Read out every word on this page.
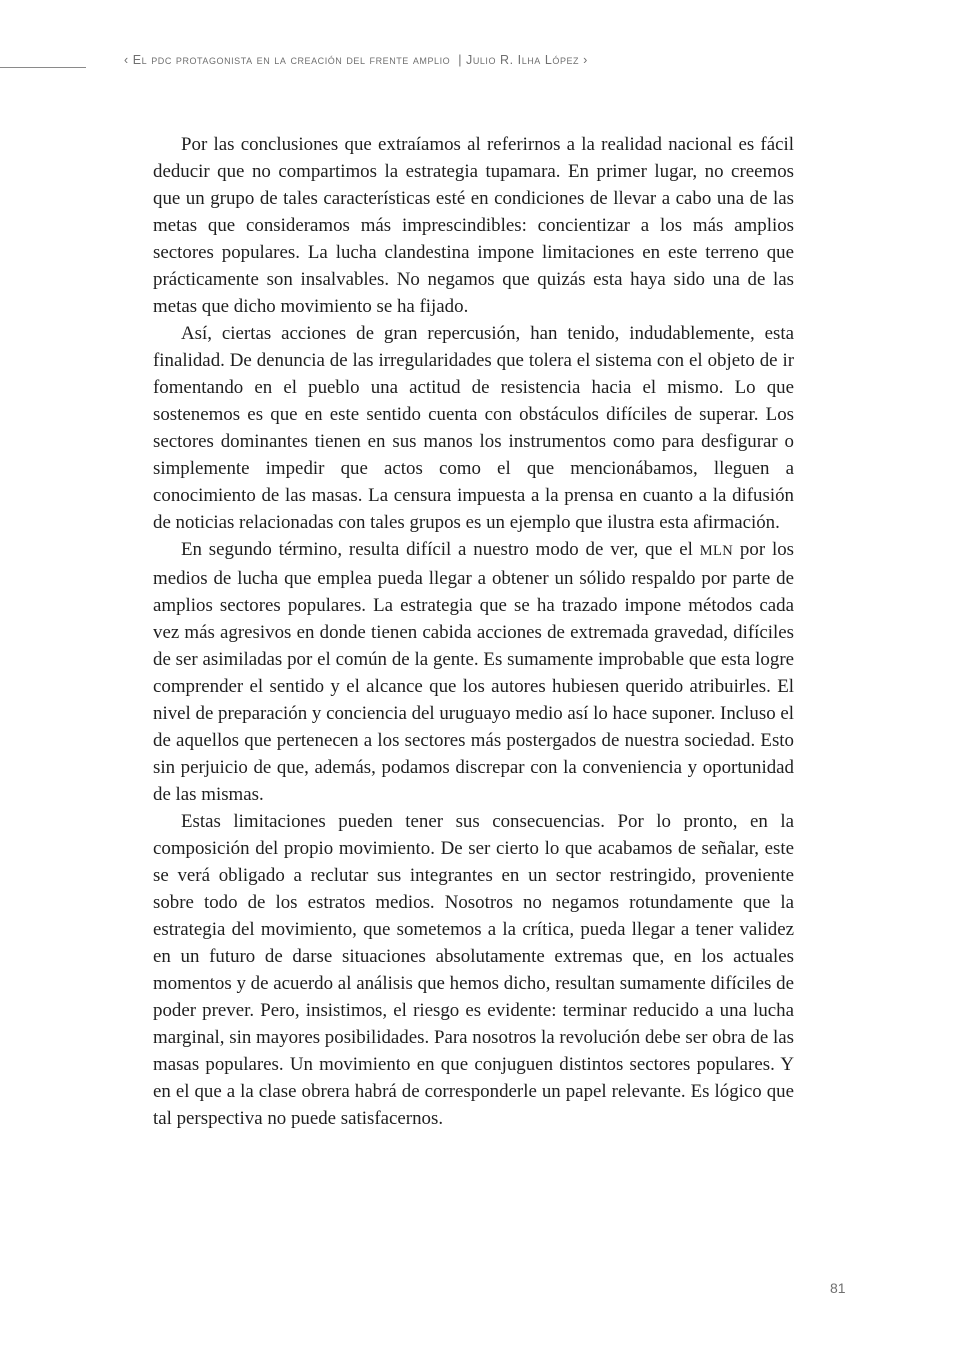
‹ El pdc protagonista en la creación del frente amplio | Julio R. Ilha López ›

Por las conclusiones que extraíamos al referirnos a la realidad nacional es fácil deducir que no compartimos la estrategia tupamara. En primer lugar, no creemos que un grupo de tales características esté en condiciones de llevar a cabo una de las metas que consideramos más imprescindibles: concientizar a los más amplios sectores populares. La lucha clandestina impone limitaciones en este terreno que prácticamente son insalvables. No negamos que quizás esta haya sido una de las metas que dicho movimiento se ha fijado.

Así, ciertas acciones de gran repercusión, han tenido, indudablemente, esta finalidad. De denuncia de las irregularidades que tolera el sistema con el objeto de ir fomentando en el pueblo una actitud de resistencia hacia el mismo. Lo que sostenemos es que en este sentido cuenta con obstáculos difíciles de superar. Los sectores dominantes tienen en sus manos los instrumentos como para desfigurar o simplemente impedir que actos como el que mencionábamos, lleguen a conocimiento de las masas. La censura impuesta a la prensa en cuanto a la difusión de noticias relacionadas con tales grupos es un ejemplo que ilustra esta afirmación.

En segundo término, resulta difícil a nuestro modo de ver, que el MLN por los medios de lucha que emplea pueda llegar a obtener un sólido respaldo por parte de amplios sectores populares. La estrategia que se ha trazado impone métodos cada vez más agresivos en donde tienen cabida acciones de extremada gravedad, difíciles de ser asimiladas por el común de la gente. Es sumamente improbable que esta logre comprender el sentido y el alcance que los autores hubiesen querido atribuirles. El nivel de preparación y conciencia del uruguayo medio así lo hace suponer. Incluso el de aquellos que pertenecen a los sectores más postergados de nuestra sociedad. Esto sin perjuicio de que, además, podamos discrepar con la conveniencia y oportunidad de las mismas.

Estas limitaciones pueden tener sus consecuencias. Por lo pronto, en la composición del propio movimiento. De ser cierto lo que acabamos de señalar, este se verá obligado a reclutar sus integrantes en un sector restringido, proveniente sobre todo de los estratos medios. Nosotros no negamos rotundamente que la estrategia del movimiento, que sometemos a la crítica, pueda llegar a tener validez en un futuro de darse situaciones absolutamente extremas que, en los actuales momentos y de acuerdo al análisis que hemos dicho, resultan sumamente difíciles de poder prever. Pero, insistimos, el riesgo es evidente: terminar reducido a una lucha marginal, sin mayores posibilidades. Para nosotros la revolución debe ser obra de las masas populares. Un movimiento en que conjuguen distintos sectores populares. Y en el que a la clase obrera habrá de corresponderle un papel relevante. Es lógico que tal perspectiva no puede satisfacernos.

81
